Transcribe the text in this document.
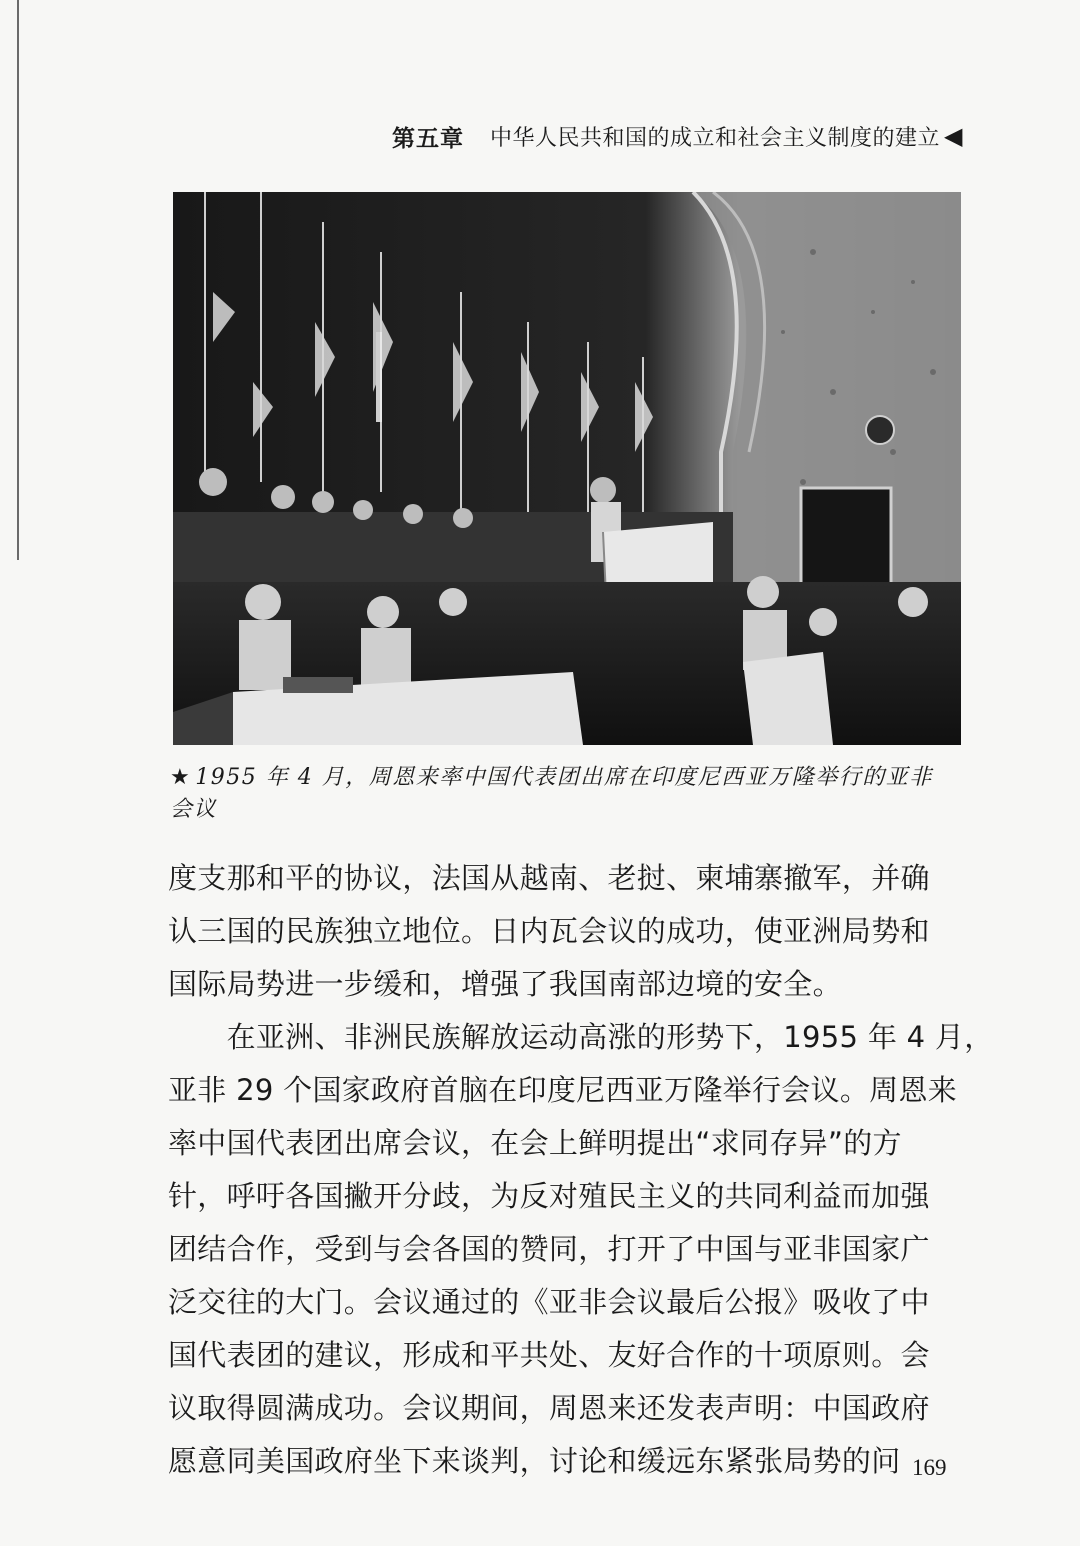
第五章 中华人民共和国的成立和社会主义制度的建立 ◀
★ 1955 年 4 月，周恩来率中国代表团出席在印度尼西亚万隆举行的亚非
会议
度支那和平的协议，法国从越南、老挝、柬埔寨撤军，并确
认三国的民族独立地位。日内瓦会议的成功，使亚洲局势和
国际局势进一步缓和，增强了我国南部边境的安全。
　　在亚洲、非洲民族解放运动高涨的形势下，1955 年 4 月，
亚非 29 个国家政府首脑在印度尼西亚万隆举行会议。周恩来
率中国代表团出席会议，在会上鲜明提出“求同存异”的方
针，呼吁各国撇开分歧，为反对殖民主义的共同利益而加强
团结合作，受到与会各国的赞同，打开了中国与亚非国家广
泛交往的大门。会议通过的《亚非会议最后公报》吸收了中
国代表团的建议，形成和平共处、友好合作的十项原则。会
议取得圆满成功。会议期间，周恩来还发表声明：中国政府
愿意同美国政府坐下来谈判，讨论和缓远东紧张局势的问 169
